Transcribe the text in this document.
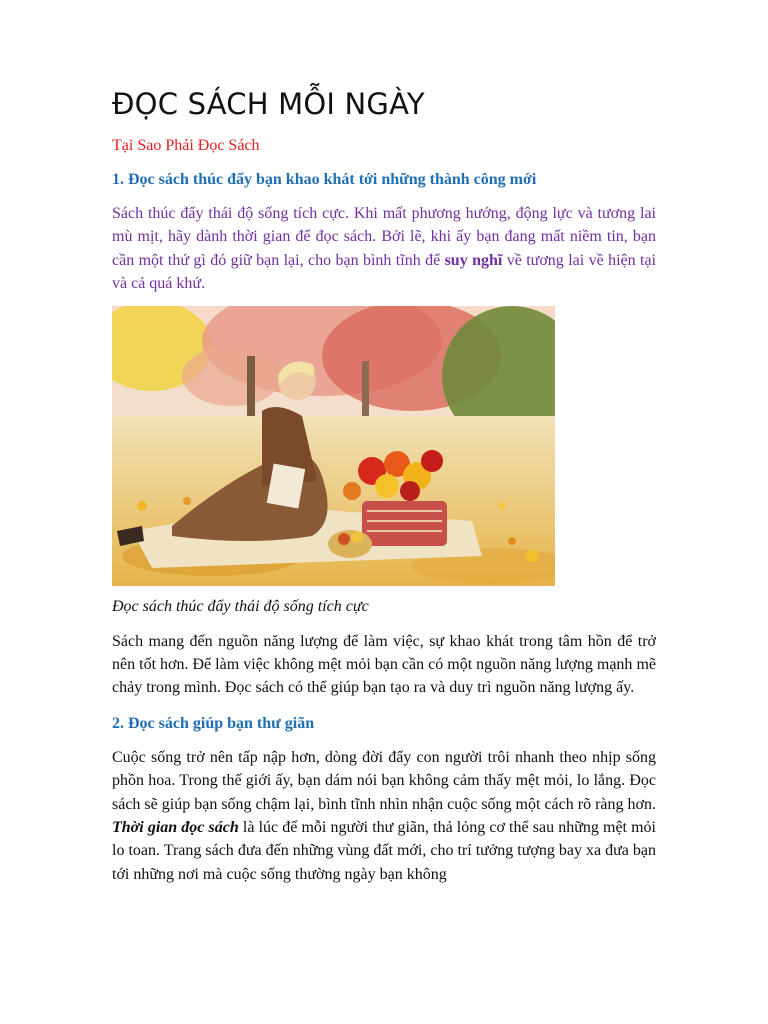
ĐỌC SÁCH MỖI NGÀY

Tại Sao Phải Đọc Sách

1. Đọc sách thúc đẩy bạn khao khát tới những thành công mới

Sách thúc đẩy thái độ sống tích cực. Khi mất phương hướng, động lực và tương lai mù mịt, hãy dành thời gian để đọc sách. Bởi lẽ, khi ấy bạn đang mất niềm tin, bạn cần một thứ gì đó giữ bạn lại, cho bạn bình tĩnh để suy nghĩ về tương lai về hiện tại và cả quá khứ.

Đọc sách thúc đẩy thái độ sống tích cực

Sách mang đến nguồn năng lượng để làm việc, sự khao khát trong tâm hồn để trở nên tốt hơn. Để làm việc không mệt mỏi bạn cần có một nguồn năng lượng mạnh mẽ chảy trong mình. Đọc sách có thể giúp bạn tạo ra và duy trì nguồn năng lượng ấy.

2. Đọc sách giúp bạn thư giãn

Cuộc sống trở nên tấp nập hơn, dòng đời đẩy con người trôi nhanh theo nhịp sống phồn hoa. Trong thế giới ấy, bạn dám nói bạn không cảm thấy mệt mỏi, lo lắng. Đọc sách sẽ giúp bạn sống chậm lại, bình tĩnh nhìn nhận cuộc sống một cách rõ ràng hơn. Thời gian đọc sách là lúc để mỗi người thư giãn, thả lỏng cơ thể sau những mệt mỏi lo toan. Trang sách đưa đến những vùng đất mới, cho trí tưởng tượng bay xa đưa bạn tới những nơi mà cuộc sống thường ngày bạn không
